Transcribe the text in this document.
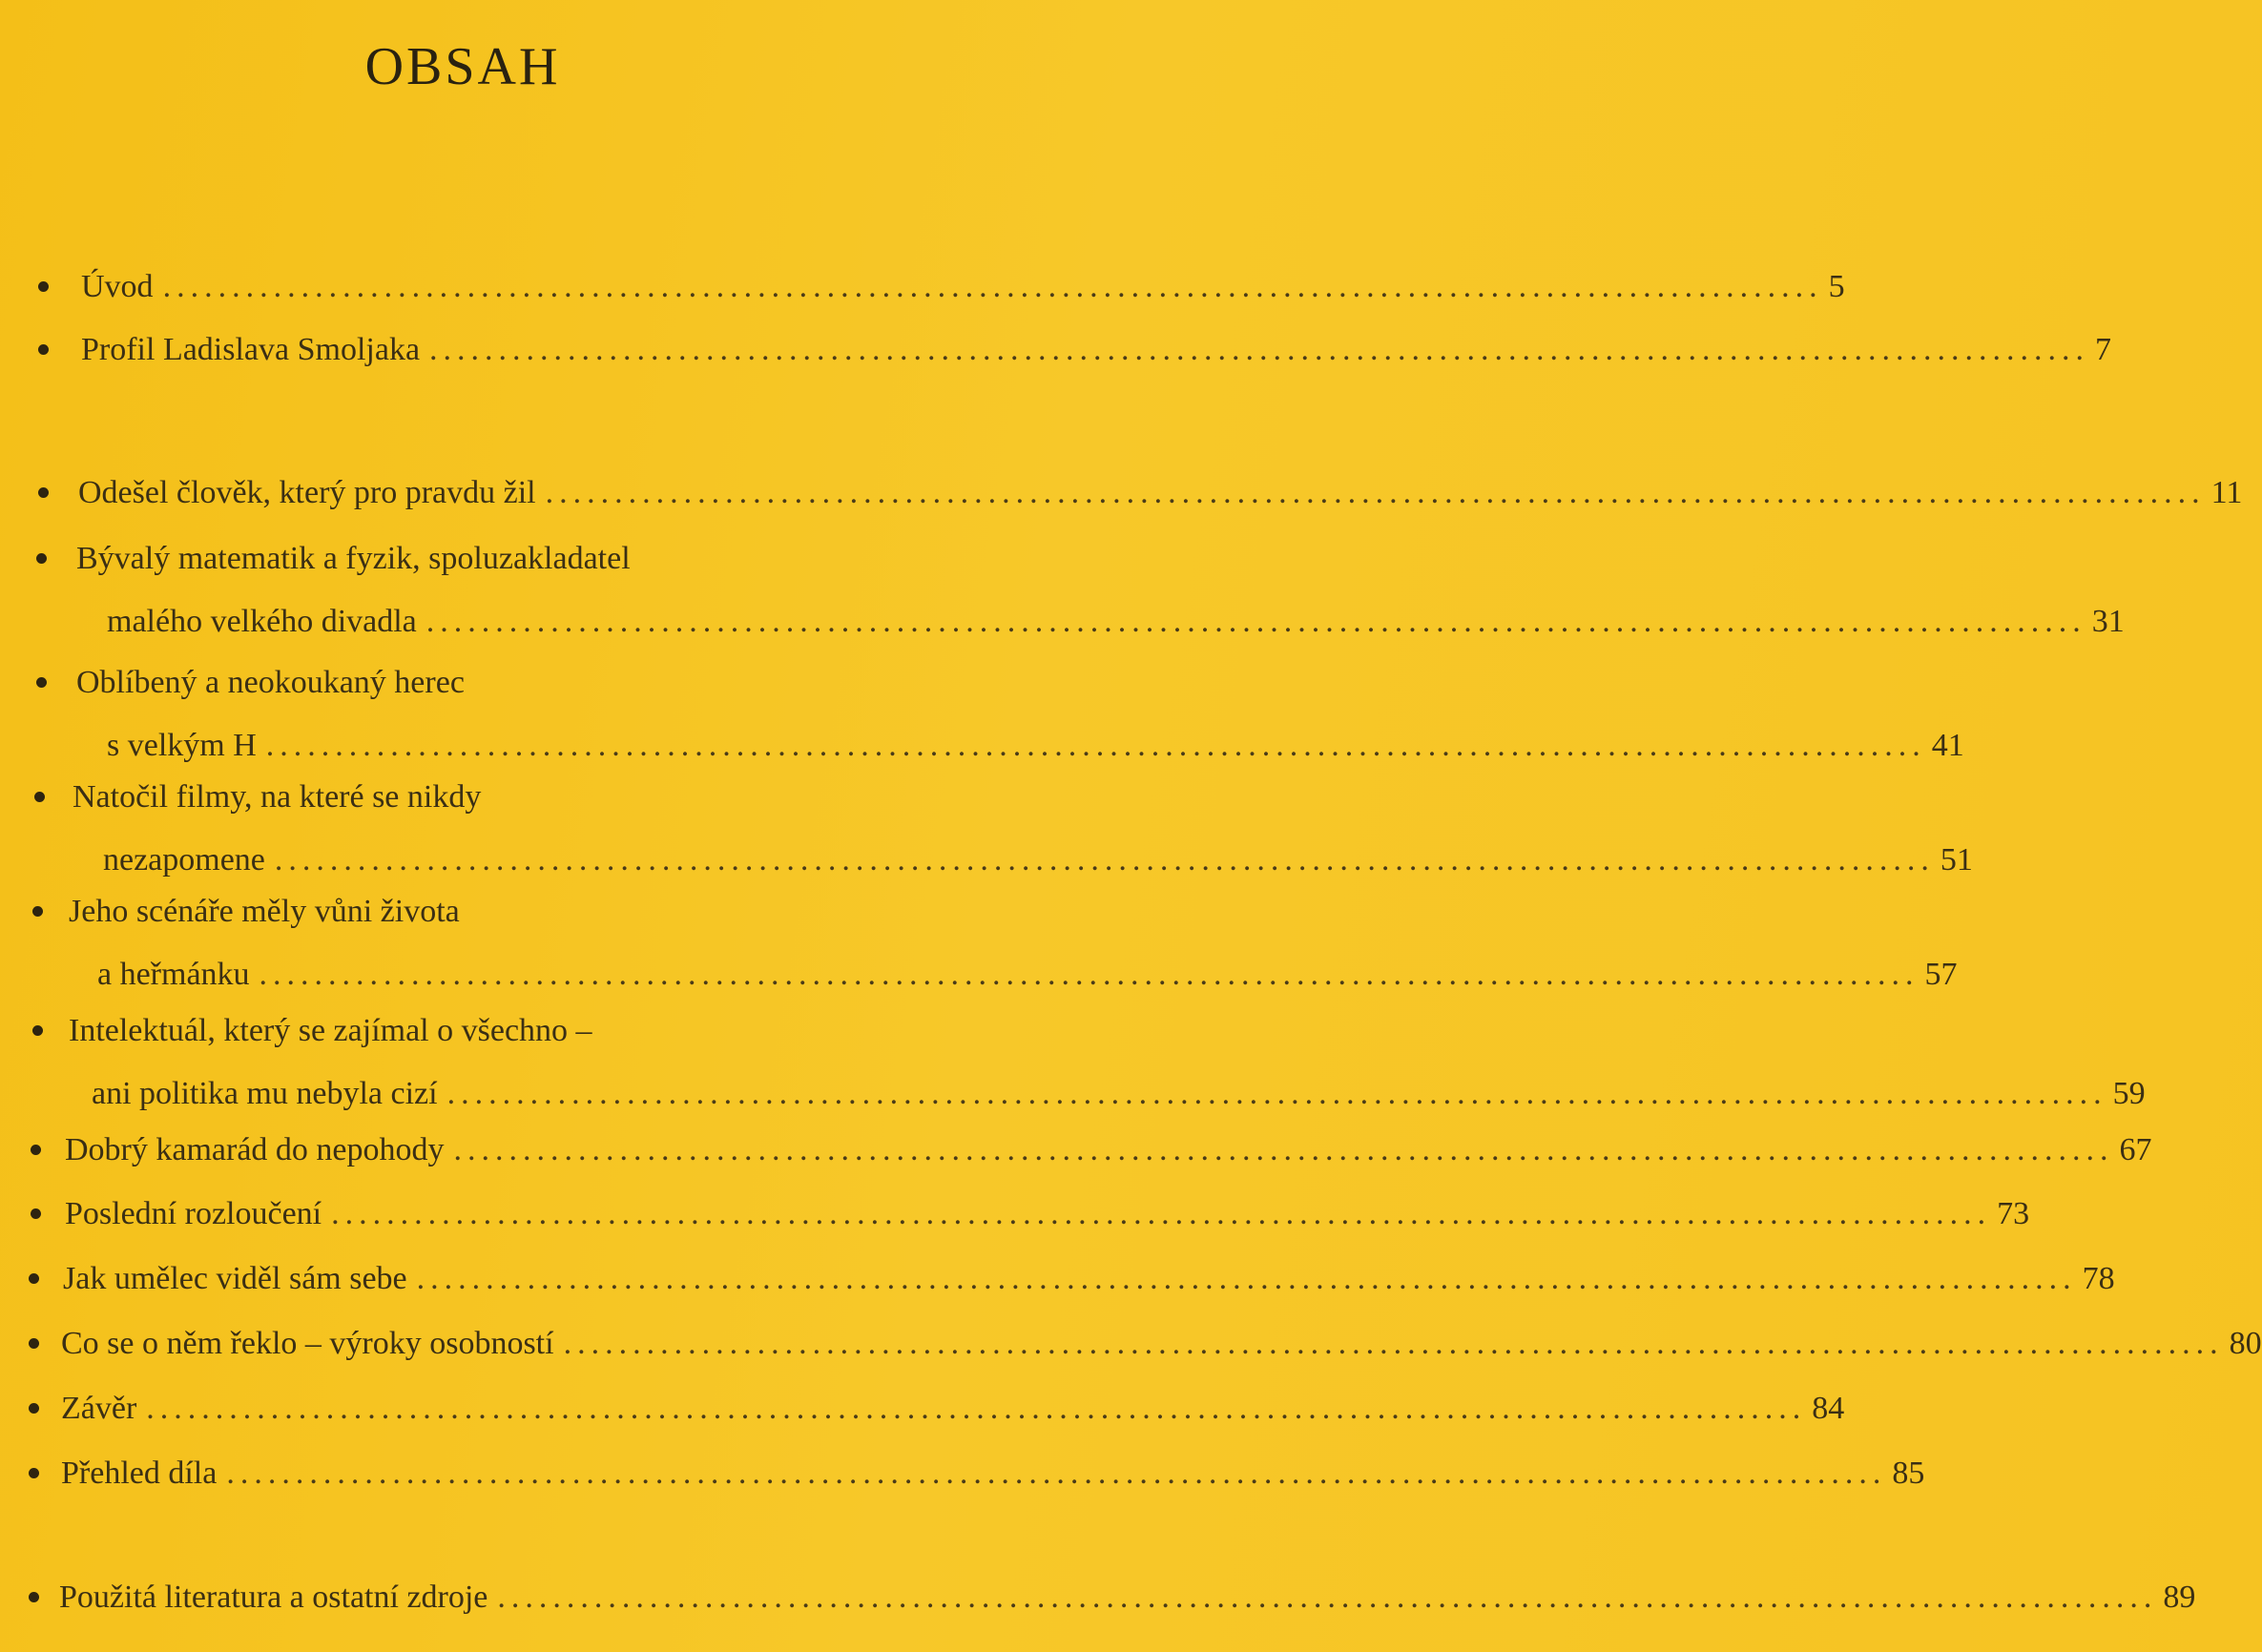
OBSAH
Úvod ........................................................................................................................ 5
Profil Ladislava Smoljaka ........................................................................................................................ 7
Odešel člověk, který pro pravdu žil ........................................................................................................................ 11
Bývalý matematik a fyzik, spoluzakladatel
malého velkého divadla ........................................................................................................................ 31
Oblíbený a neokoukaný herec
s velkým H ........................................................................................................................ 41
Natočil filmy, na které se nikdy
nezapomene ........................................................................................................................ 51
Jeho scénáře měly vůni života
a heřmánku ........................................................................................................................ 57
Intelektuál, který se zajímal o všechno –
ani politika mu nebyla cizí ........................................................................................................................ 59
Dobrý kamarád do nepohody ........................................................................................................................ 67
Poslední rozloučení ........................................................................................................................ 73
Jak umělec viděl sám sebe ........................................................................................................................ 78
Co se o něm řeklo – výroky osobností ........................................................................................................................ 80
Závěr ........................................................................................................................ 84
Přehled díla ........................................................................................................................ 85
Použitá literatura a ostatní zdroje ........................................................................................................................ 89
